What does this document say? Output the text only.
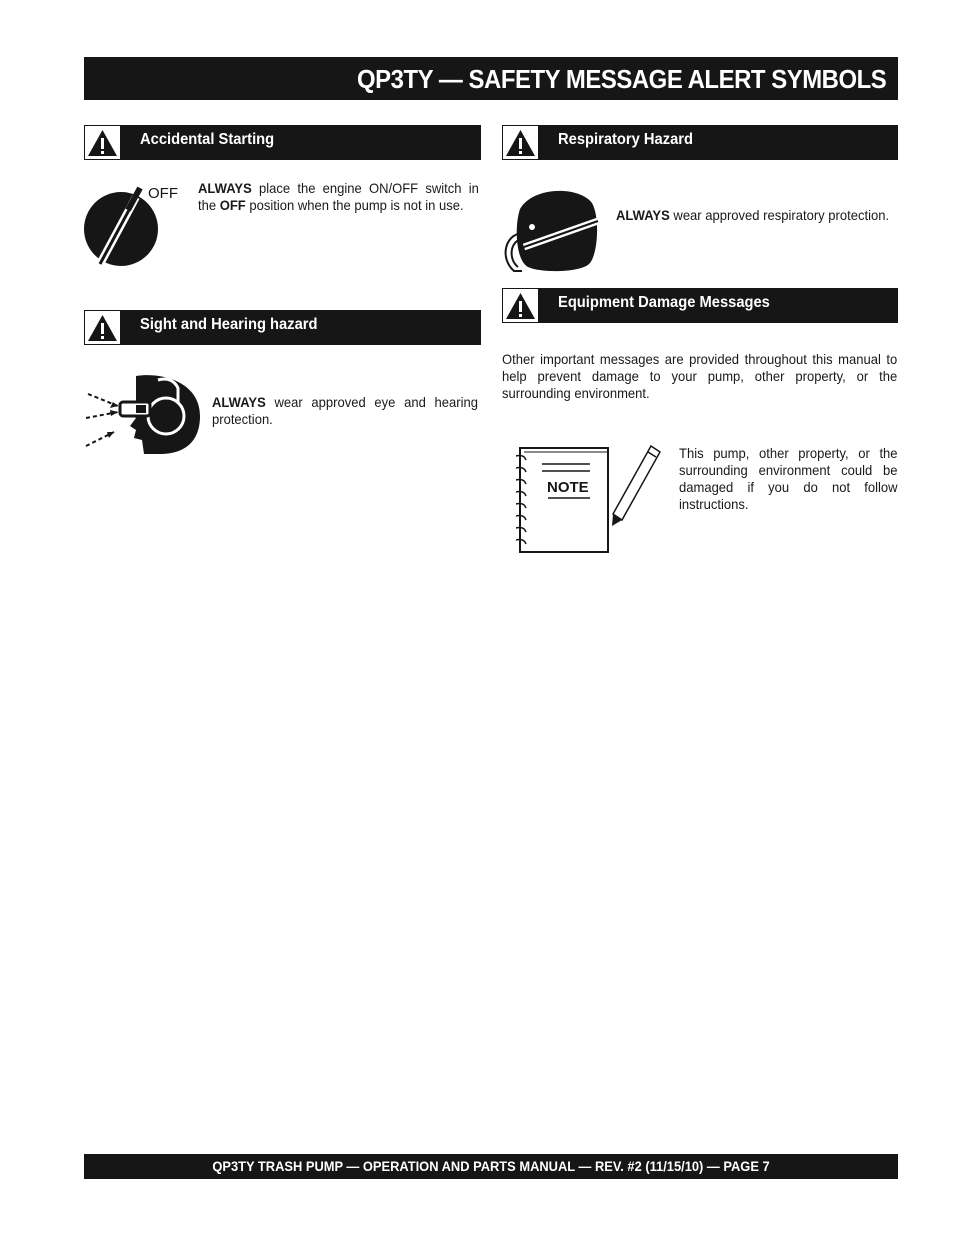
QP3TY — SAFETY MESSAGE ALERT SYMBOLS
Accidental Starting
OFF ALWAYS place the engine ON/OFF switch in the OFF position when the pump is not in use.
Sight and Hearing hazard
ALWAYS wear approved eye and hearing protection.
Respiratory Hazard
ALWAYS wear approved respiratory protection.
Equipment Damage Messages
Other important messages are provided throughout this manual to help prevent damage to your pump, other property, or the surrounding environment.
NOTE
This pump, other property, or the surrounding environment could be damaged if you do not follow instructions.
QP3TY TRASH PUMP — OPERATION AND PARTS MANUAL — REV. #2 (11/15/10) — PAGE 7
